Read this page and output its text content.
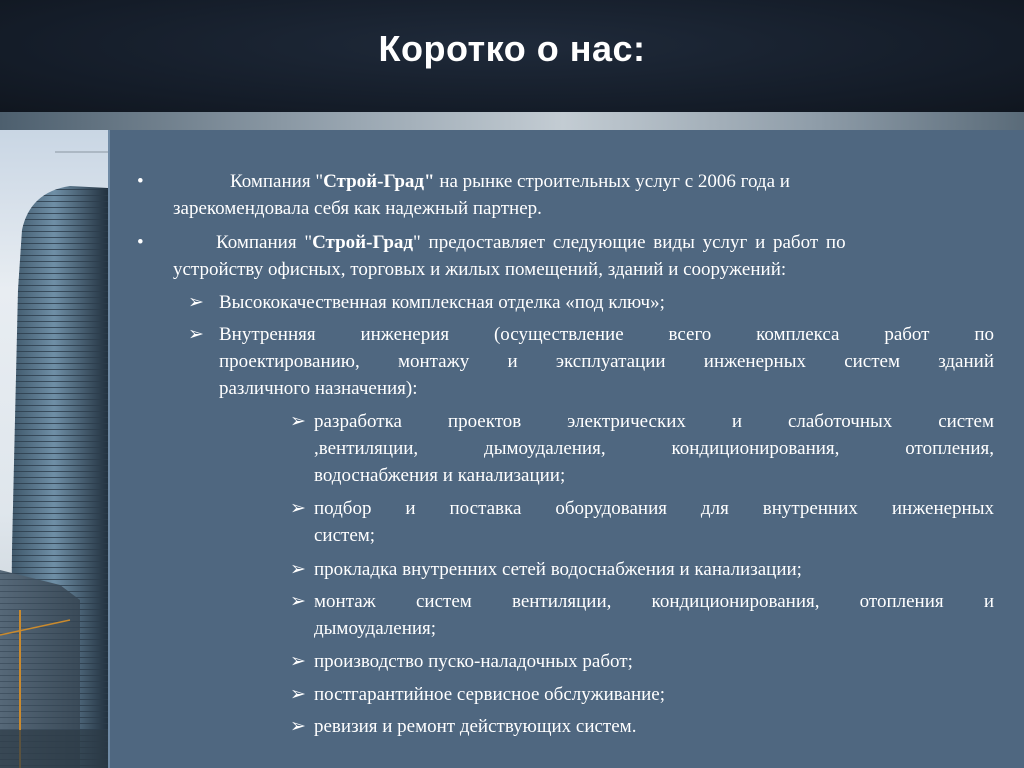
Коротко о нас:
•	Компания "Строй-Град" на рынке строительных услуг с 2006 года и
зарекомендовала себя как надежный партнер.
•	Компания "Строй-Град" предоставляет следующие виды услуг и работ по
устройству офисных, торговых и жилых помещений, зданий и сооружений:
➢ Высококачественная комплексная отделка «под ключ»;
➢ Внутренняя инженерия (осуществление всего комплекса работ по
проектированию, монтажу и эксплуатации инженерных систем зданий
различного назначения):
➢ разработка проектов электрических и слаботочных систем
,вентиляции, дымоудаления, кондиционирования, отопления,
водоснабжения и канализации;
➢ подбор и поставка оборудования для внутренних инженерных
систем;
➢ прокладка внутренних сетей водоснабжения и канализации;
➢ монтаж систем вентиляции, кондиционирования, отопления и
дымоудаления;
➢ производство пуско-наладочных работ;
➢ постгарантийное сервисное обслуживание;
➢ ревизия и ремонт действующих систем.
